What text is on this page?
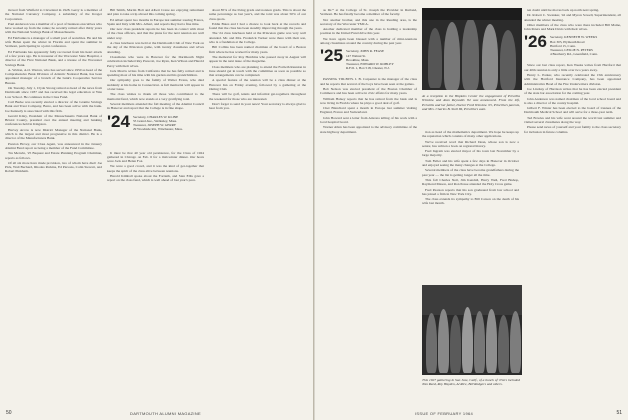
moved from Winfield to Cleveland in 1928. Gerry is a member of the National Currency Company, a subsidiary of the Kroger Corporation.

Paul Anderson was a member of a pool of business executives who have worked up from the ranks; he recently retired after thirty years with the National Savings Bank of Massachusetts.

Ed Fairbanks is a manager of a small pool of securities. He and his wife Helen spent the winter in Florida and spent the summer in Vermont, participating in a joint conference.

Ed Fairbanks has apparently fully recovered from his heart attack of a few years ago. He is treasurer of the Worcester State Hospital, a director of the First National Bank, and a trustee of the Worcester Savings Bank.

A. Walton, A.O. Warren, who has served since 1950 as head of the Comprehensive Bank Division of Atlantic National Bank, has been appointed manager of a branch of the bank's Cooperative Service Bureau.

On Tuesday, July 1, Clyde Strong retired as head of the news from Dartmouth since 1937 and has received his legal education at Yale Law School. He continues in the Class Fund.

Carl Burke was recently elected a director of the Granite Savings Bank and Trust Company, Barre, and has been active with the bank. Joe Kennedy is associated with this firm.

Gerald Kiley, President of the Massachusetts National Bank of Bristol County, presided over the annual meeting and banking conferences held in Kingston.

Harvey Arrow is now District Manager of the National Bank, which is the largest and most progressive in this district. He is a director of the Manufacturers Bank.

Preston Hovey, our Class Agent, was announced in the January Alumni Fund report as being a member of the Fund Committee.

Tru Merwin, '25 Bequest and Estate Planning Program Chairman, reports as follows.

Of all six more have made provision, two of whom have died: Joe Pick, Walt Bechard, Rhodes Perkins, Ed Parsons, Colin Stewart, and Robert Pinkham.

Bill Smith, Martin Holt and Albert Crane are enjoying retirement and plan to take a trip abroad this coming spring.

Ed Albert spent two months in Europe last summer touring France, Spain and Italy with Mrs. Albert, and reports they had a fine time.

Our new class president reports he has been in contact with most of the class officers, and that the plans for the next reunion are well under way.

A class luncheon was held at the Dartmouth Club of New York on the day of the Princeton game, with twenty classmates and wives attending.

Classmates who were in Hanover for the Dartmouth Night celebration included Ray Prescott, Joe Ryan, Ken Wilson and Harold Perry with their wives.

Jack Morris writes from California that he has fully retired and is spending most of his time with his garden and his grandchildren.

Our sympathy goes to the family of Walter Evans, who died suddenly at his home in Connecticut. A full memorial will appear in a later issue.

The class wishes to thank all those who contributed to the memorial fund, which now stands at a very gratifying total.

Several members attended the fall meeting of the Alumni Council in Hanover and report that the College is in fine shape.

'24 Secretary, CHARLES W. KLINE
55 Grand Ave., Wellesley, Mass.
Treasurer, JOSEPH W. GERRY
29 Woodside Rd., Winchester, Mass.

It must be that 40 year old persistence, for the Class of 1924 gathered in Chicago on Feb. 6 for a mid-winter dinner. Our hosts were Jack and Helen Fox.

We were a good crowd, and it was the kind of get-together that keeps the spirit of the class alive between reunions.

Harold Kimball spoke about the Fortieth, and Stan Ellis gave a report on the class fund, which is well ahead of last year's pace.

about 85% of the living grads and nonnon grads. This is about the same percentage as last year's, and the total was about 50% of our class quota.

Eddie Bates and I had a chance to look back at the records and found that the class has been steadily improving through the years.

The '24 class luncheon held at the Princeton game was very well attended. Mr. and Mrs. Frederick Tucker were there with their son, who is a freshman at the College.

Bill Collins has been named chairman of the board of a Boston firm where he has worked for many years.

The memorial for Roy Hutchins who passed away in August will appear in the next issue of the magazine.

Class members who are planning to attend the Fortieth Reunion in June should get in touch with the committee as soon as possible so that arrangements can be completed.

A special feature of the reunion will be a class dinner at the Hanover Inn on Friday evening, followed by a gathering at the Outing Club.

There will be golf, tennis and informal get-togethers throughout the weekend for those who are interested.

Don't forget to send in your news! Your secretary is always glad to hear from you.

50	DARTMOUTH ALUMNI MAGAZINE

as Dr.* at the College of St. Joseph the Provider in Rutland, Vermont. He has finally become a member of the faculty.

Not another brother, and this one in the Reading area, is the secretary of the Worcester YMCA.

Another dedicated member of the class is holding a leadership position in the United Fund drive this year.

We have again been blessed with a number of mini-reunions among classmates around the country during the past year.

'25 Secretary, JOHN R. FEASE
147 Walnut St.
Brookline, Mass.
Treasurer, EDWARD W. ROBLEY
R.F.D. 1, Box 518, Chester, N.J.

PASSING TID-BITS. I. B. Carpenter is the manager of the class and he reports that several of the boys have been seen at the games.

Bob Nelson was elected president of the Boston Chamber of Commerce and has been active in civic affairs for many years.

William Halsey reports that he has retired from the bank and is now living in Florida where he plays a good deal of golf.

Chet Blanchard spent a month in Europe last summer visiting England, France and Switzerland.

John Howard sent a letter from Arizona telling of his work with a local hospital board.

Warner Allen has been appointed to the advisory committee of the state highway department.

At a reception in the Hopkins Center the engagement of Priscilla Winslow and Alan Reynolds '62 was announced. From the left, Priscilla and her father, Doctor Ford Winslow '25, Priscilla's parents, and Mrs. Charles B. Stoll III, Priscilla's aunt.

tion as head of the mathematics department. We hope he keeps up the reputation which consists of many other applications.

We've received word that Richard Dean, whose son is now a senior, has written a book on regional history.

Fred Ingram was elected mayor of his town last November by a large majority.

Tom Fuller and his wife spent a few days in Hanover in October and enjoyed seeing the many changes at the College.

Several members of the class have become grandfathers during the past year — the list is getting longer all the time.

This fall Charles Neil, Jim Kendall, Harry Weil, Fred Bishop, Raymond Mason, and Ron Pease attended the Holy Cross game.

Fred Pearson reports that his son graduated from law school and has joined a firm in New York City.

The class extends its sympathy to Bill Carson on the death of his wife last month.

This 1927 gathering in San Jose, Calif., of a bunch of '25ers included Tom Reed, Roy Hayden, Al Rice, Bill Rodgers and others.

ten doubt until he moves back up north next spring.

Dr. Robert C. Swanker, '42 and Myron Sowell, Superintendent, all attended the winter meeting.

Other members of the class who were there included Bill Maine, John Peters and Mark Davis with their wives.

'26 Secretary, KENNETH W. WEEKS
Box 305, Plymouth Road
Hartford 15, Conn.
Treasurer, LESLIE N. PETERS
4 Bearberry Rd., Greenfield, Conn.

Since our last class report, Ken Weeks writes from Hartford that our 40th reunion is only a little over two years away.

Henry L. Parker, who recently celebrated the 15th anniversary with the Hartford Insurance Company, has been appointed Administrative Head of the Fire Underwriters division.

Joe Lindsay of Harrison writes that he has been elected president of the state bar association for the coming year.

John Anderson was named chairman of the local school board and is also a director of the county hospital.

Gilbert F. Winter has been elected to the board of trustees of the Dartmouth Medical School and will serve for a three-year term.

Ted Bowles and his wife went around the world last summer and visited several classmates along the way.

Please send news of yourself and your family to the class secretary for inclusion in future columns.

ISSUE OF FEBRUARY 1964	51
